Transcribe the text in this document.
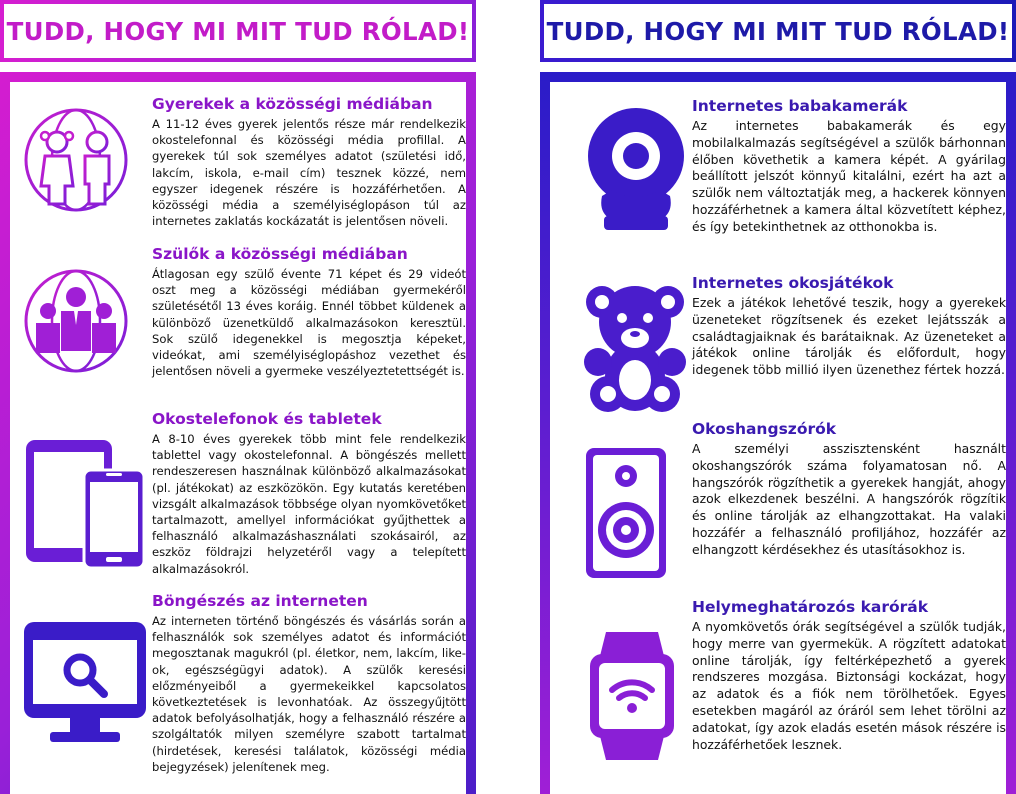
TUDD, HOGY MI MIT TUD RÓLAD!	TUDD, HOGY MI MIT TUD RÓLAD!
Gyerekek a közösségi médiában

A 11-12 éves gyerek jelentős része már rendelkezik okostelefonnal és közösségi média profillal. A gyerekek túl sok személyes adatot (születési idő, lakcím, iskola, e-mail cím) tesznek közzé, nem egyszer idegenek részére is hozzáférhetően. A közösségi média a személyiséglopáson túl az internetes zaklatás kockázatát is jelentősen növeli.

Szülők a közösségi médiában

Átlagosan egy szülő évente 71 képet és 29 videót oszt meg a közösségi médiában gyermekéről születésétől 13 éves koráig. Ennél többet küldenek a különböző üzenetküldő alkalmazásokon keresztül. Sok szülő idegenekkel is megosztja képeket, videókat, ami személyiséglopáshoz vezethet és jelentősen növeli a gyermeke veszélyeztetettségét is.

Okostelefonok és tabletek

A 8-10 éves gyerekek több mint fele rendelkezik tablettel vagy okostelefonnal. A böngészés mellett rendeszeresen használnak különböző alkalmazásokat (pl. játékokat) az eszközökön. Egy kutatás keretében vizsgált alkalmazások többsége olyan nyomkövetőket tartalmazott, amellyel információkat gyűjthettek a felhasználó alkalmazáshasználati szokásairól, az eszköz földrajzi helyzetéről vagy a telepített alkalmazásokról.

Böngészés az interneten

Az interneten történő böngészés és vásárlás során a felhasználók sok személyes adatot és információt megosztanak magukról (pl. életkor, nem, lakcím, like-ok, egészségügyi adatok). A szülők keresési előzményeiből a gyermekeikkel kapcsolatos következtetések is levonhatóak. Az összegyűjtött adatok befolyásolhatják, hogy a felhasználó részére a szolgáltatók milyen személyre szabott tartalmat (hirdetések, keresési találatok, közösségi média bejegyzések) jelenítenek meg.

Internetes babakamerák

Az internetes babakamerák és egy mobilalkalmazás segítségével a szülők bárhonnan élőben követhetik a kamera képét. A gyárilag beállított jelszót könnyű kitalálni, ezért ha azt a szülők nem változtatják meg, a hackerek könnyen hozzáférhetnek a kamera által közvetített képhez, és így betekinthetnek az otthonokba is.

Internetes okosjátékok

Ezek a játékok lehetővé teszik, hogy a gyerekek üzeneteket rögzítsenek és ezeket lejátsszák a családtagjaiknak és barátaiknak. Az üzeneteket a játékok online tárolják és előfordult, hogy idegenek több millió ilyen üzenethez fértek hozzá.

Okoshangszórók

A személyi asszisztensként használt okoshangszórók száma folyamatosan nő. A hangszórók rögzíthetik a gyerekek hangját, ahogy azok elkezdenek beszélni. A hangszórók rögzítik és online tárolják az elhangzottakat. Ha valaki hozzáfér a felhasználó profiljához, hozzáfér az elhangzott kérdésekhez és utasításokhoz is.

Helymeghatározós karórák

A nyomkövetős órák segítségével a szülők tudják, hogy merre van gyermekük. A rögzített adatokat online tárolják, így feltérképezhető a gyerek rendszeres mozgása. Biztonsági kockázat, hogy az adatok és a fiók nem törölhetőek. Egyes esetekben magáról az óráról sem lehet törölni az adatokat, így azok eladás esetén mások részére is hozzáférhetőek lesznek.
